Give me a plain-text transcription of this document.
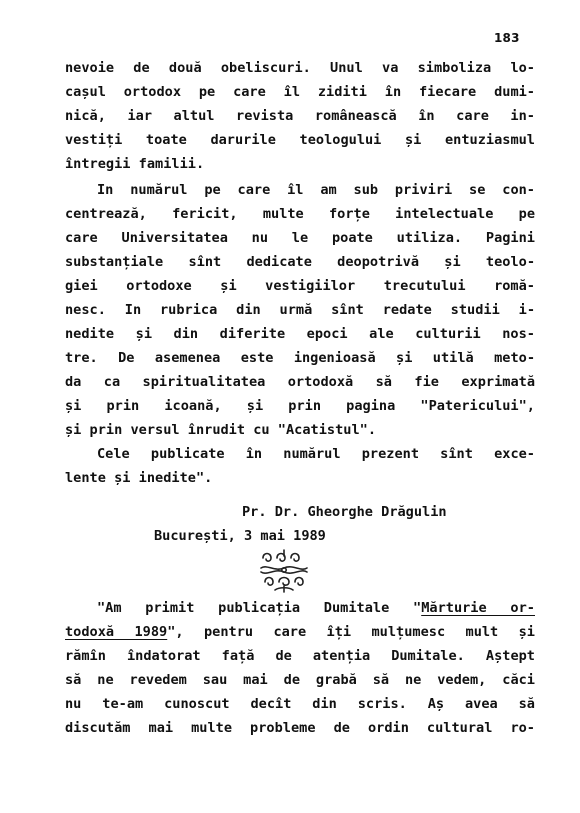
183
nevoie de două obeliscuri. Unul va simboliza lo-
cașul ortodox pe care îl ziditi în fiecare dumi-
nică, iar altul revista românească în care in-
vestiți toate darurile teologului și entuziasmul
întregii familii.
In numărul pe care îl am sub priviri se con-
centrează, fericit, multe forțe intelectuale pe
care Universitatea nu le poate utiliza. Pagini
substanțiale sînt dedicate deopotrivă și teolo-
giei ortodoxe și vestigiilor trecutului romă-
nesc. In rubrica din urmă sînt redate studii i-
nedite și din diferite epoci ale culturii nos-
tre. De asemenea este ingenioasă și utilă meto-
da ca spiritualitatea ortodoxă să fie exprimată
și prin icoană, și prin pagina "Patericului",
și prin versul înrudit cu "Acatistul".
Cele publicate în numărul prezent sînt exce-
lente și inedite".
Pr. Dr. Gheorghe Drăgulin
București, 3 mai 1989
"Am primit publicația Dumitale "Mărturie or-
todoxă 1989", pentru care îți mulțumesc mult și
rămîn îndatorat față de atenția Dumitale. Aștept
să ne revedem sau mai de grabă să ne vedem, căci
nu te-am cunoscut decît din scris. Aș avea să
discutăm mai multe probleme de ordin cultural ro-
